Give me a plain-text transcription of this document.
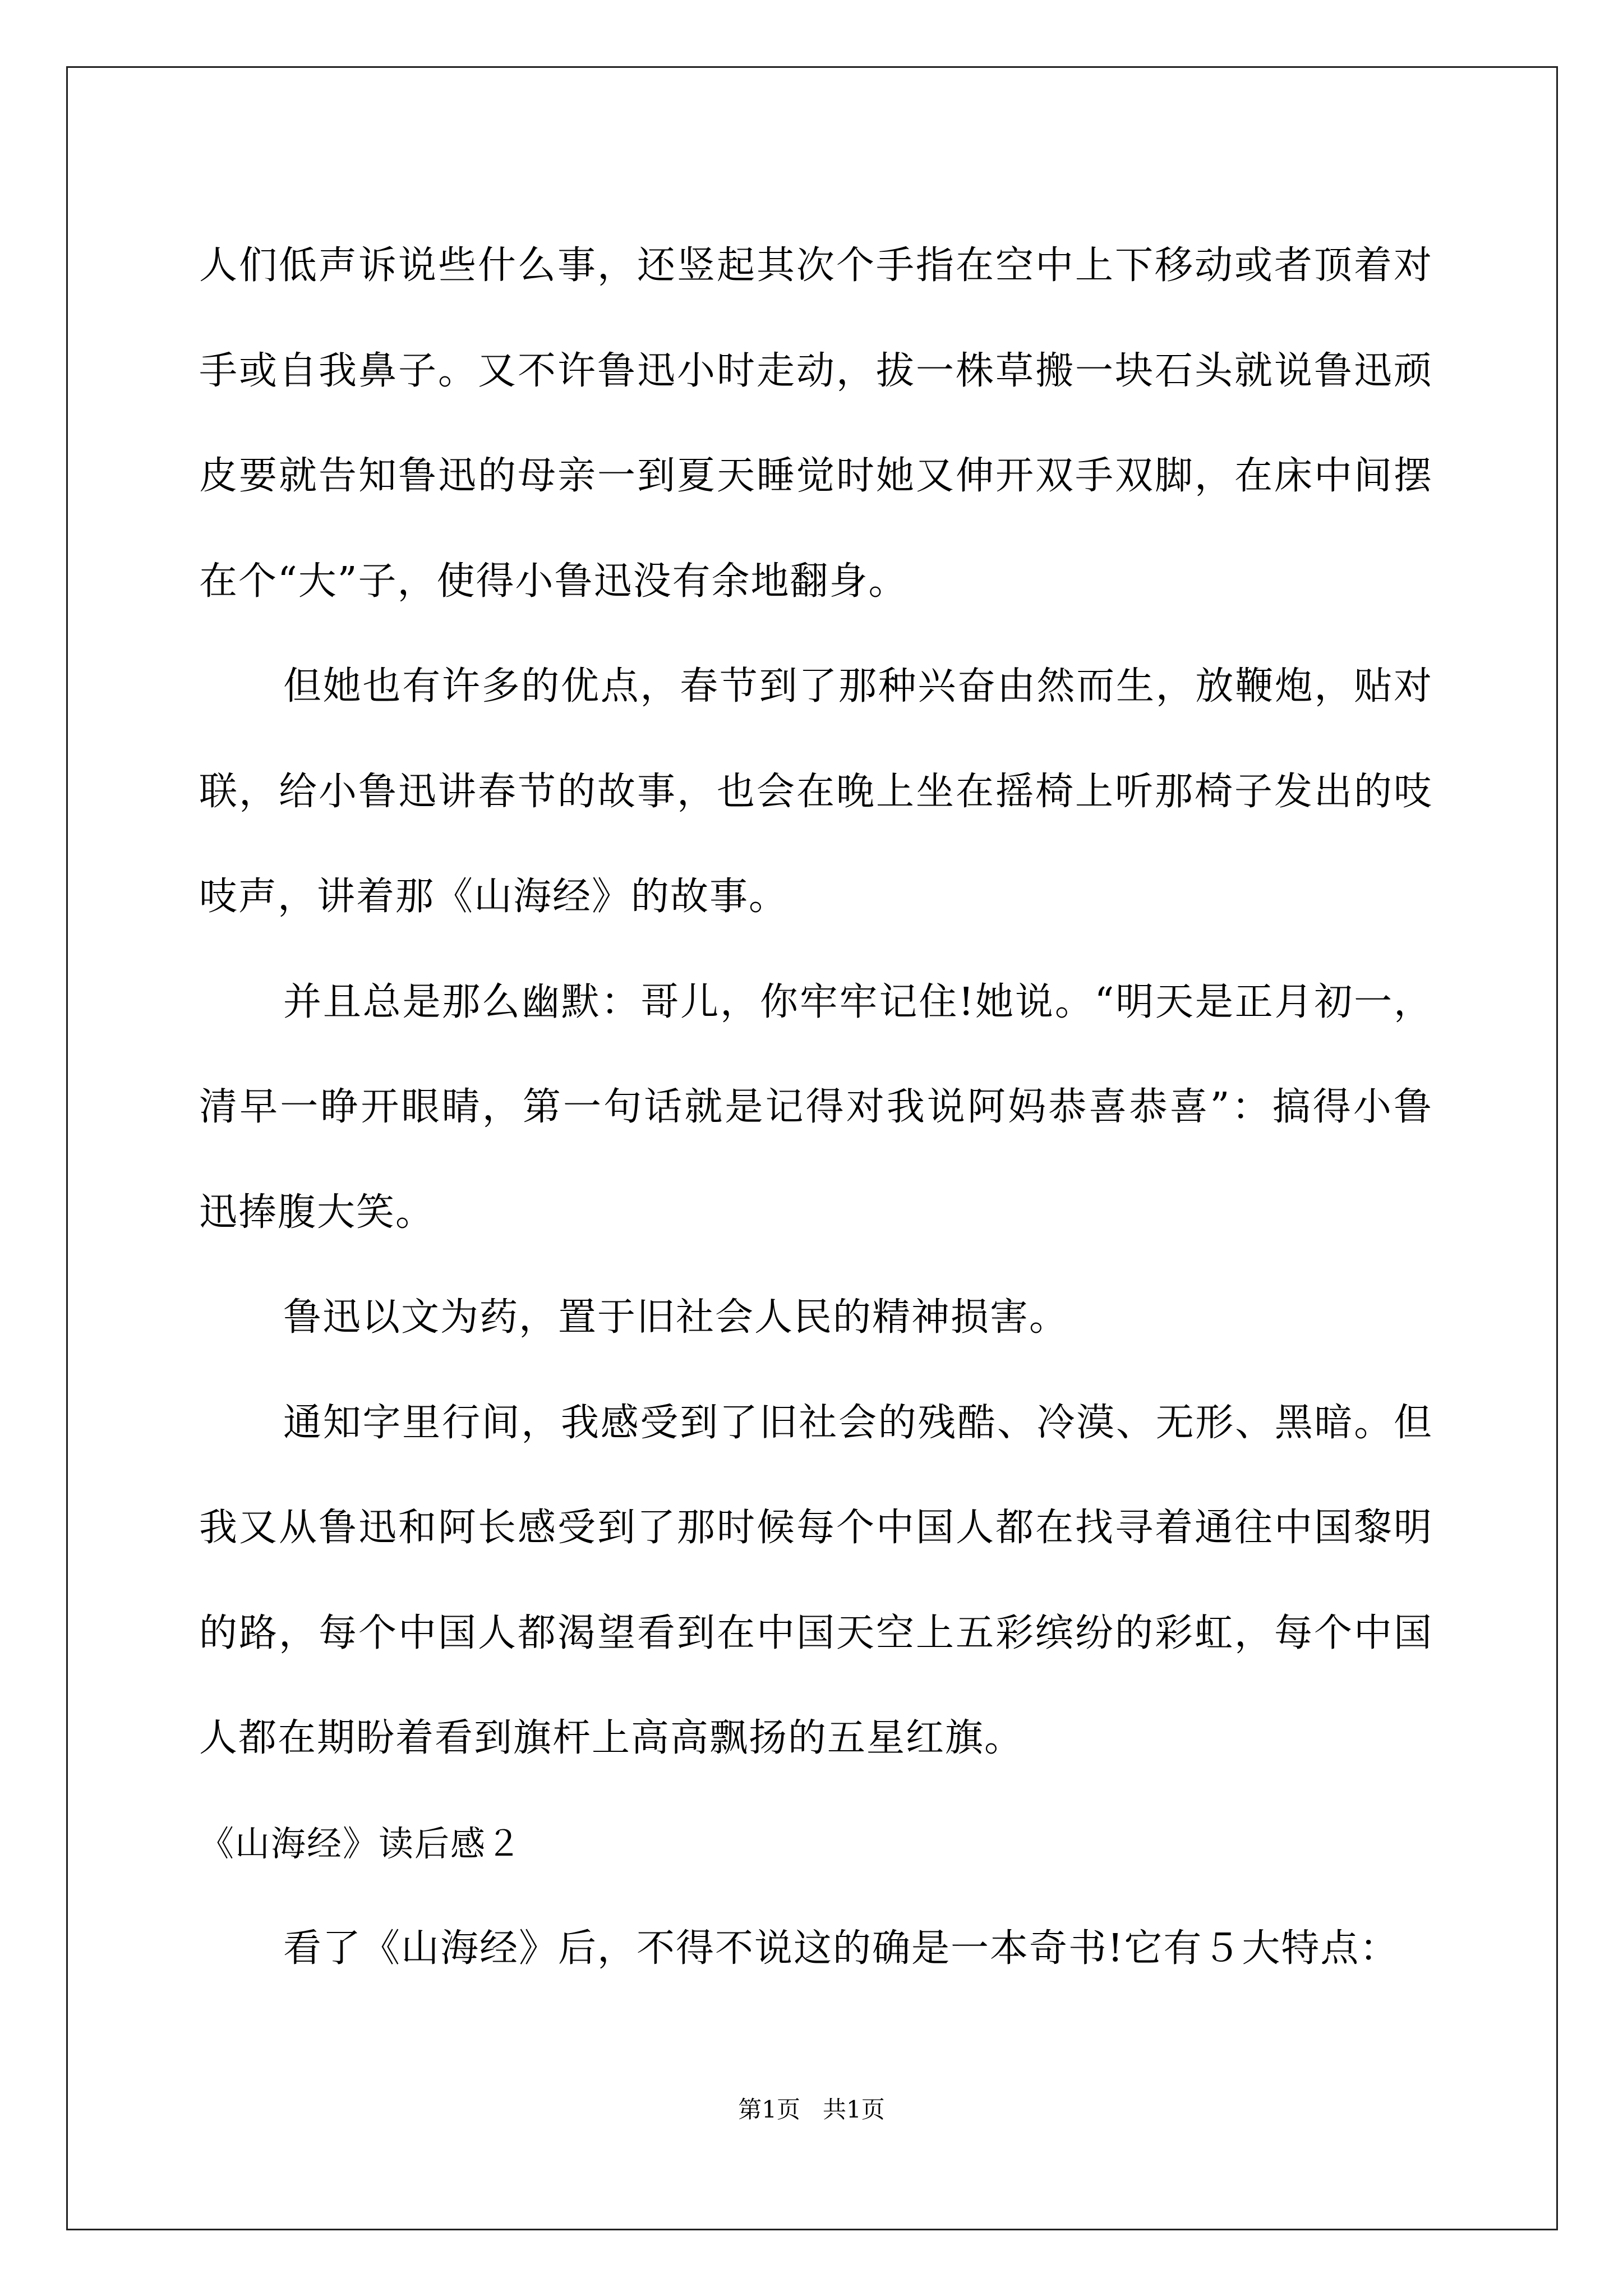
人们低声诉说些什么事，还竖起其次个手指在空中上下移动或者顶着对手或自我鼻子。又不许鲁迅小时走动，拔一株草搬一块石头就说鲁迅顽皮要就告知鲁迅的母亲一到夏天睡觉时她又伸开双手双脚，在床中间摆在个“大”子，使得小鲁迅没有余地翻身。

但她也有许多的优点，春节到了那种兴奋由然而生，放鞭炮，贴对联，给小鲁迅讲春节的故事，也会在晚上坐在摇椅上听那椅子发出的吱吱声，讲着那《山海经》的故事。

并且总是那么幽默：哥儿，你牢牢记住!她说。“明天是正月初一，清早一睁开眼睛，第一句话就是记得对我说阿妈恭喜恭喜”：搞得小鲁迅捧腹大笑。

鲁迅以文为药，置于旧社会人民的精神损害。

通知字里行间，我感受到了旧社会的残酷、冷漠、无形、黑暗。但我又从鲁迅和阿长感受到了那时候每个中国人都在找寻着通往中国黎明的路，每个中国人都渴望看到在中国天空上五彩缤纷的彩虹，每个中国人都在期盼着看到旗杆上高高飘扬的五星红旗。

《山海经》读后感２

看了《山海经》后，不得不说这的确是一本奇书!它有５大特点：

第1页   共1页
